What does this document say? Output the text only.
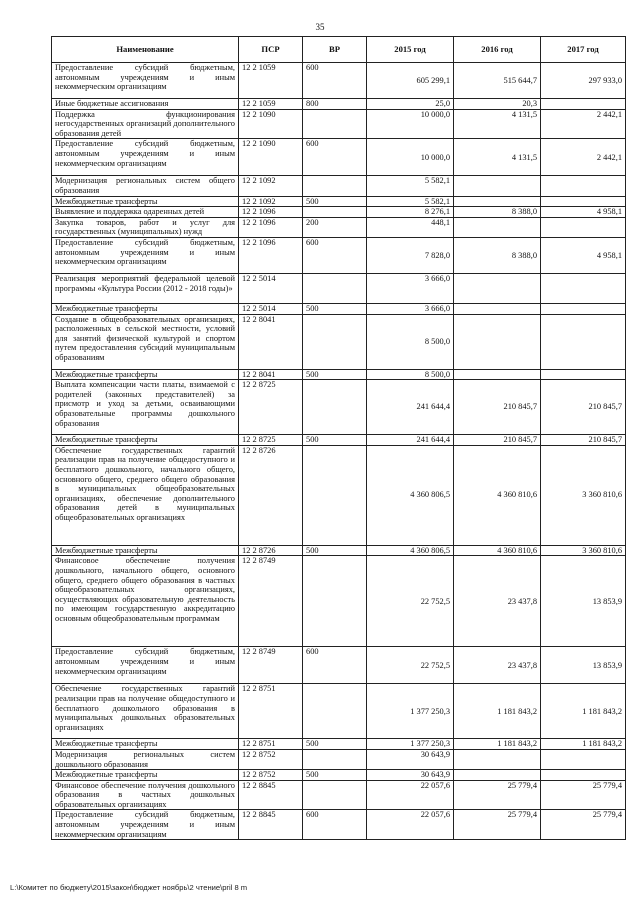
35
Наименование	ПСР	ВР	2015 год	2016 год	2017 год
Предоставление субсидий бюджетным, автономным учреждениям и иным некоммерческим организациям	12 2 1059	600	605 299,1	515 644,7	297 933,0
Иные бюджетные ассигнования	12 2 1059	800	25,0	20,3	
Поддержка функционирования негосударственных организаций дополнительного образования детей	12 2 1090		10 000,0	4 131,5	2 442,1
Предоставление субсидий бюджетным, автономным учреждениям и иным некоммерческим организациям	12 2 1090	600	10 000,0	4 131,5	2 442,1
Модернизация региональных систем общего образования	12 2 1092		5 582,1		
Межбюджетные трансферты	12 2 1092	500	5 582,1		
Выявление и поддержка одаренных детей	12 2 1096		8 276,1	8 388,0	4 958,1
Закупка товаров, работ и услуг для государственных (муниципальных) нужд	12 2 1096	200	448,1		
Предоставление субсидий бюджетным, автономным учреждениям и иным некоммерческим организациям	12 2 1096	600	7 828,0	8 388,0	4 958,1
Реализация мероприятий федеральной целевой программы «Культура России (2012 - 2018 годы)»	12 2 5014		3 666,0		
Межбюджетные трансферты	12 2 5014	500	3 666,0		
Создание в общеобразовательных организациях, расположенных в сельской местности, условий для занятий физической культурой и спортом путем предоставления субсидий муниципальным образованиям	12 2 8041		8 500,0		
Межбюджетные трансферты	12 2 8041	500	8 500,0		
Выплата компенсации части платы, взимаемой с родителей (законных представителей) за присмотр и уход за детьми, осваивающими образовательные программы дошкольного образования	12 2 8725		241 644,4	210 845,7	210 845,7
Межбюджетные трансферты	12 2 8725	500	241 644,4	210 845,7	210 845,7
Обеспечение государственных гарантий реализации прав на получение общедоступного и бесплатного дошкольного, начального общего, основного общего, среднего общего образования в муниципальных общеобразовательных организациях, обеспечение дополнительного образования детей в муниципальных общеобразовательных организациях	12 2 8726		4 360 806,5	4 360 810,6	3 360 810,6
Межбюджетные трансферты	12 2 8726	500	4 360 806,5	4 360 810,6	3 360 810,6
Финансовое обеспечение получения дошкольного, начального общего, основного общего, среднего общего образования в частных общеобразовательных организациях, осуществляющих образовательную деятельность по имеющим государственную аккредитацию основным общеобразовательным программам	12 2 8749		22 752,5	23 437,8	13 853,9
Предоставление субсидий бюджетным, автономным учреждениям и иным некоммерческим организациям	12 2 8749	600	22 752,5	23 437,8	13 853,9
Обеспечение государственных гарантий реализации прав на получение общедоступного и бесплатного дошкольного образования в муниципальных дошкольных образовательных организациях	12 2 8751		1 377 250,3	1 181 843,2	1 181 843,2
Межбюджетные трансферты	12 2 8751	500	1 377 250,3	1 181 843,2	1 181 843,2
Модернизация региональных систем дошкольного образования	12 2 8752		30 643,9		
Межбюджетные трансферты	12 2 8752	500	30 643,9		
Финансовое обеспечение получения дошкольного образования в частных дошкольных образовательных организациях	12 2 8845		22 057,6	25 779,4	25 779,4
Предоставление субсидий бюджетным, автономным учреждениям и иным некоммерческим организациям	12 2 8845	600	22 057,6	25 779,4	25 779,4
L:\Комитет по бюджету\2015\закон\бюджет ноябрь\2 чтение\pril 8 m
